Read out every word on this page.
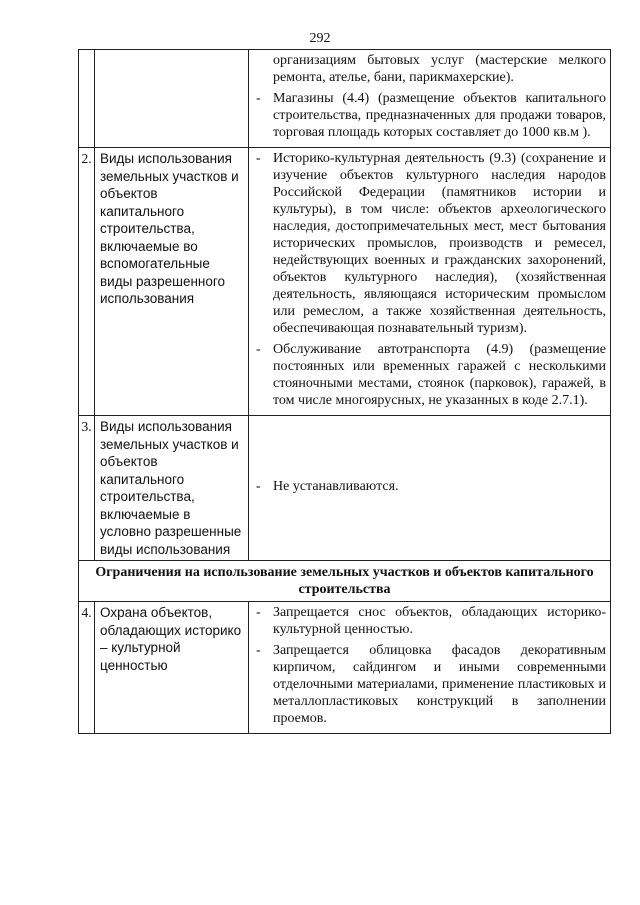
292

организациям бытовых услуг (мастерские мелкого ремонта, ателье, бани, парикмахерские).
- Магазины (4.4) (размещение объектов капитального строительства, предназначенных для продажи товаров, торговая площадь которых составляет до 1000 кв.м ).

2.	Виды использования земельных участков и объектов капитального строительства, включаемые во вспомогательные виды разрешенного использования	- Историко-культурная деятельность (9.3) (сохранение и изучение объектов культурного наследия народов Российской Федерации (памятников истории и культуры), в том числе: объектов археологического наследия, достопримечательных мест, мест бытования исторических промыслов, производств и ремесел, недействующих военных и гражданских захоронений, объектов культурного наследия), (хозяйственная деятельность, являющаяся историческим промыслом или ремеслом, а также хозяйственная деятельность, обеспечивающая познавательный туризм).
- Обслуживание автотранспорта (4.9) (размещение постоянных или временных гаражей с несколькими стояночными местами, стоянок (парковок), гаражей, в том числе многоярусных, не указанных в коде 2.7.1).

3.	Виды использования земельных участков и объектов капитального строительства, включаемые в условно разрешенные виды использования	- Не устанавливаются.

Ограничения на использование земельных участков и объектов капитального строительства		
4.	Охрана объектов, обладающих историко – культурной ценностью	- Запрещается снос объектов, обладающих историко-культурной ценностью.
- Запрещается облицовка фасадов декоративным кирпичом, сайдингом и иными современными отделочными материалами, применение пластиковых и металлопластиковых конструкций в заполнении проемов.
